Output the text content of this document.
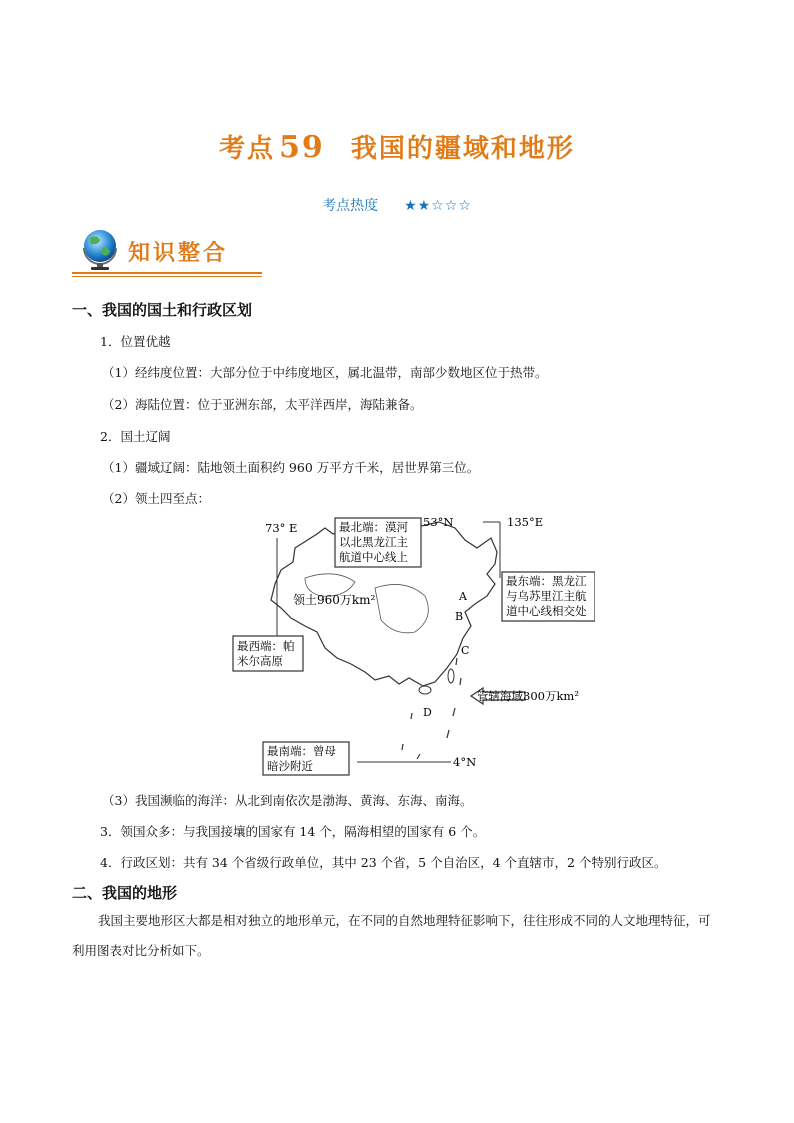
考点 59 我国的疆域和地形
考点热度 ★★☆☆☆
知识整合
一、我国的国土和行政区划
1．位置优越
（1）经纬度位置：大部分位于中纬度地区，属北温带，南部少数地区位于热带。
（2）海陆位置：位于亚洲东部，太平洋西岸，海陆兼备。
2．国土辽阔
（1）疆域辽阔：陆地领土面积约 960 万平方千米，居世界第三位。
（2）领土四至点：
73° E	135°E
53°N
4°N
最北端：漠河
以北黑龙江主
航道中心线上
最东端：黑龙江
与乌苏里江主航
道中心线相交处
最西端：帕
米尔高原
最南端：曾母
暗沙附近
领土960万km²	A
B
C
D
管辖海域300万km²
（3）我国濒临的海洋：从北到南依次是渤海、黄海、东海、南海。
3．领国众多：与我国接壤的国家有 14 个，隔海相望的国家有 6 个。
4．行政区划：共有 34 个省级行政单位，其中 23 个省，5 个自治区，4 个直辖市，2 个特别行政区。
二、我国的地形
我国主要地形区大都是相对独立的地形单元，在不同的自然地理特征影响下，往往形成不同的人文地理特征，可利用图表对比分析如下。
